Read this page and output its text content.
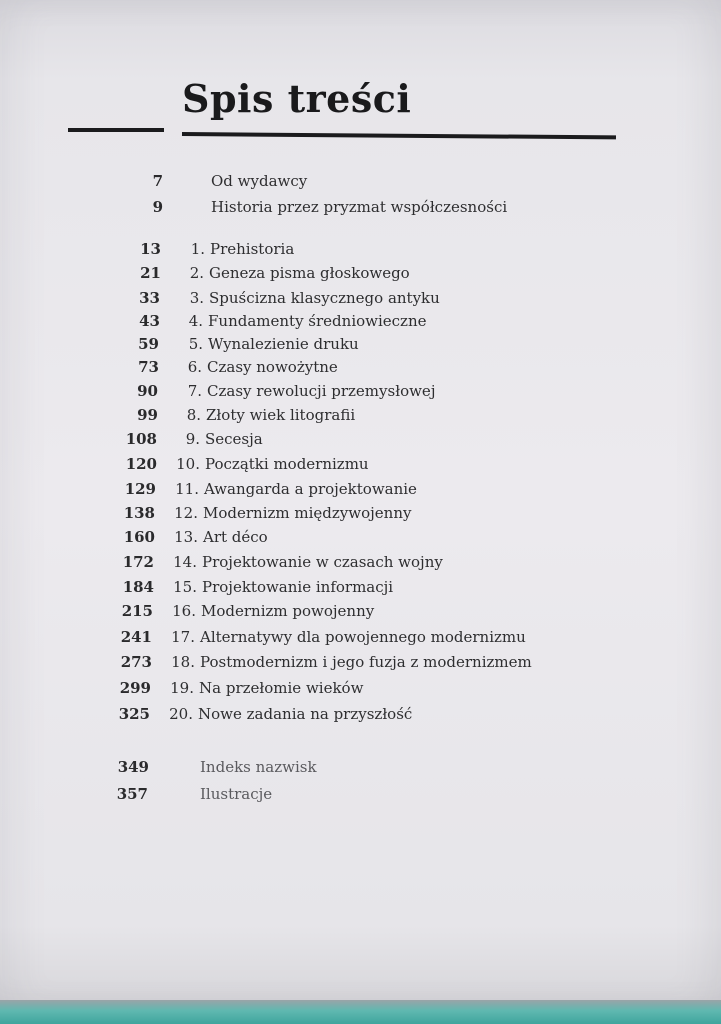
Spis treści
7	Od wydawcy
9	Historia przez pryzmat współczesności
13	1. Prehistoria
21	2. Geneza pisma głoskowego
33	3. Spuścizna klasycznego antyku
43	4. Fundamenty średniowieczne
59	5. Wynalezienie druku
73	6. Czasy nowożytne
90	7. Czasy rewolucji przemysłowej
99	8. Złoty wiek litografii
108	9. Secesja
120	10. Początki modernizmu
129	11. Awangarda a projektowanie
138	12. Modernizm międzywojenny
160	13. Art déco
172	14. Projektowanie w czasach wojny
184	15. Projektowanie informacji
215	16. Modernizm powojenny
241	17. Alternatywy dla powojennego modernizmu
273	18. Postmodernizm i jego fuzja z modernizmem
299	19. Na przełomie wieków
325	20. Nowe zadania na przyszłość
349	Indeks nazwisk
357	Ilustracje
